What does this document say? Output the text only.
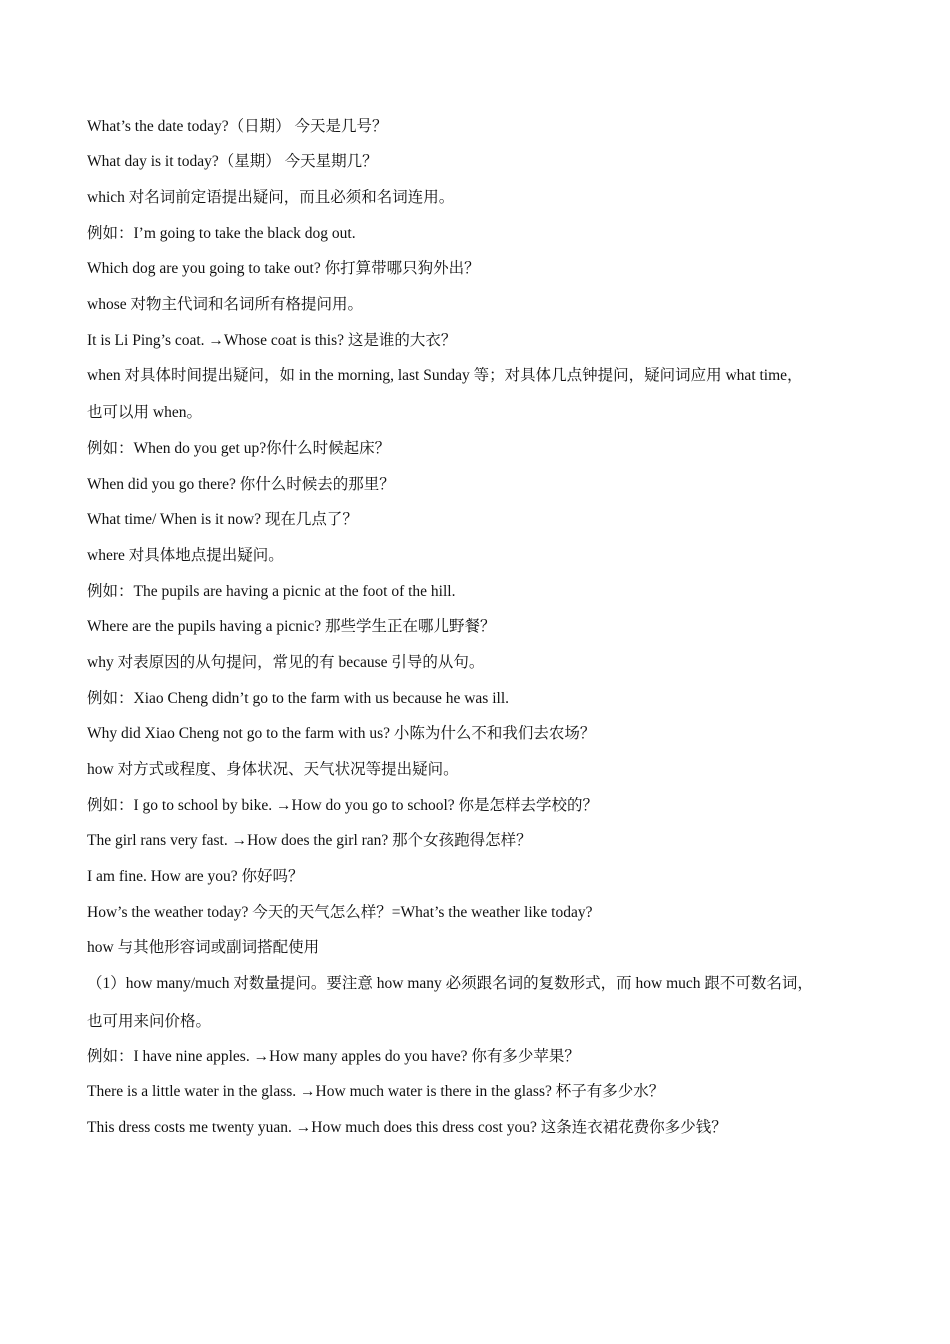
What’s the date today?（日期） 今天是几号？
What day is it today?（星期） 今天星期几？
which 对名词前定语提出疑问，而且必须和名词连用。
例如：I’m going to take the black dog out.
Which dog are you going to take out? 你打算带哪只狗外出？
whose 对物主代词和名词所有格提问用。
It is Li Ping’s coat. →Whose coat is this? 这是谁的大衣？
when 对具体时间提出疑问，如 in the morning, last Sunday 等；对具体几点钟提问，疑问词应用 what time，
也可以用 when。
例如：When do you get up?你什么时候起床？
When did you go there? 你什么时候去的那里？
What time/ When is it now? 现在几点了？
where 对具体地点提出疑问。
例如：The pupils are having a picnic at the foot of the hill.
Where are the pupils having a picnic? 那些学生正在哪儿野餐？
why 对表原因的从句提问，常见的有 because 引导的从句。
例如：Xiao Cheng didn’t go to the farm with us because he was ill.
Why did Xiao Cheng not go to the farm with us? 小陈为什么不和我们去农场？
how 对方式或程度、身体状况、天气状况等提出疑问。
例如：I go to school by bike. →How do you go to school? 你是怎样去学校的？
The girl rans very fast. →How does the girl ran? 那个女孩跑得怎样？
I am fine. How are you? 你好吗？
How’s the weather today? 今天的天气怎么样？=What’s the weather like today?
how 与其他形容词或副词搭配使用
（1）how many/much 对数量提问。要注意 how many 必须跟名词的复数形式，而 how much 跟不可数名词，
也可用来问价格。
例如：I have nine apples. →How many apples do you have? 你有多少苹果？
There is a little water in the glass. →How much water is there in the glass? 杯子有多少水？
This dress costs me twenty yuan. →How much does this dress cost you? 这条连衣裙花费你多少钱？
